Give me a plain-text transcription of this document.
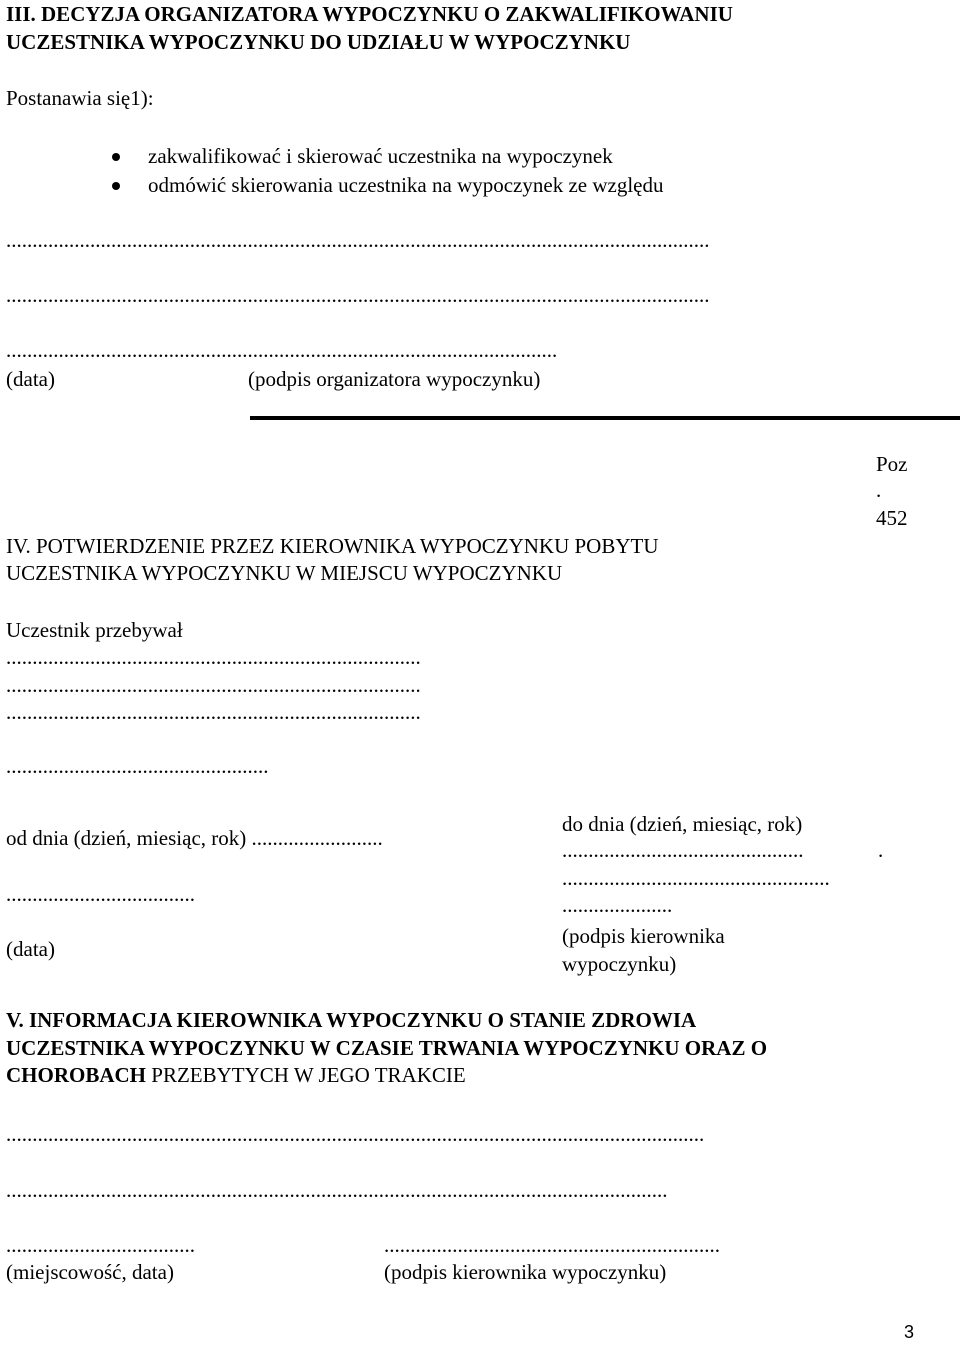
III. DECYZJA ORGANIZATORA WYPOCZYNKU O ZAKWALIFIKOWANIU
UCZESTNIKA WYPOCZYNKU DO UDZIAŁU W WYPOCZYNKU
Postanawia się1):
zakwalifikować i skierować uczestnika na wypoczynek
odmówić skierowania uczestnika na wypoczynek ze względu
......................................................................................................................................
......................................................................................................................................
.........................................................................................................
(data)	(podpis organizatora wypoczynku)
Poz
.
452
IV. POTWIERDZENIE PRZEZ KIEROWNIKA WYPOCZYNKU POBYTU
UCZESTNIKA WYPOCZYNKU W MIEJSCU WYPOCZYNKU
Uczestnik przebywał
...............................................................................
...............................................................................
...............................................................................
..................................................
od dnia (dzień, miesiąc, rok) .........................
do dnia (dzień, miesiąc, rok)
..............................................	.
...................................................
.....................
....................................
(data)
(podpis kierownika
wypoczynku)
V. INFORMACJA KIEROWNIKA WYPOCZYNKU O STANIE ZDROWIA
UCZESTNIKA WYPOCZYNKU W CZASIE TRWANIA WYPOCZYNKU ORAZ O
CHOROBACH PRZEBYTYCH W JEGO TRAKCIE
.....................................................................................................................................
..............................................................................................................................
....................................	................................................................
(miejscowość, data)	(podpis kierownika wypoczynku)
3
